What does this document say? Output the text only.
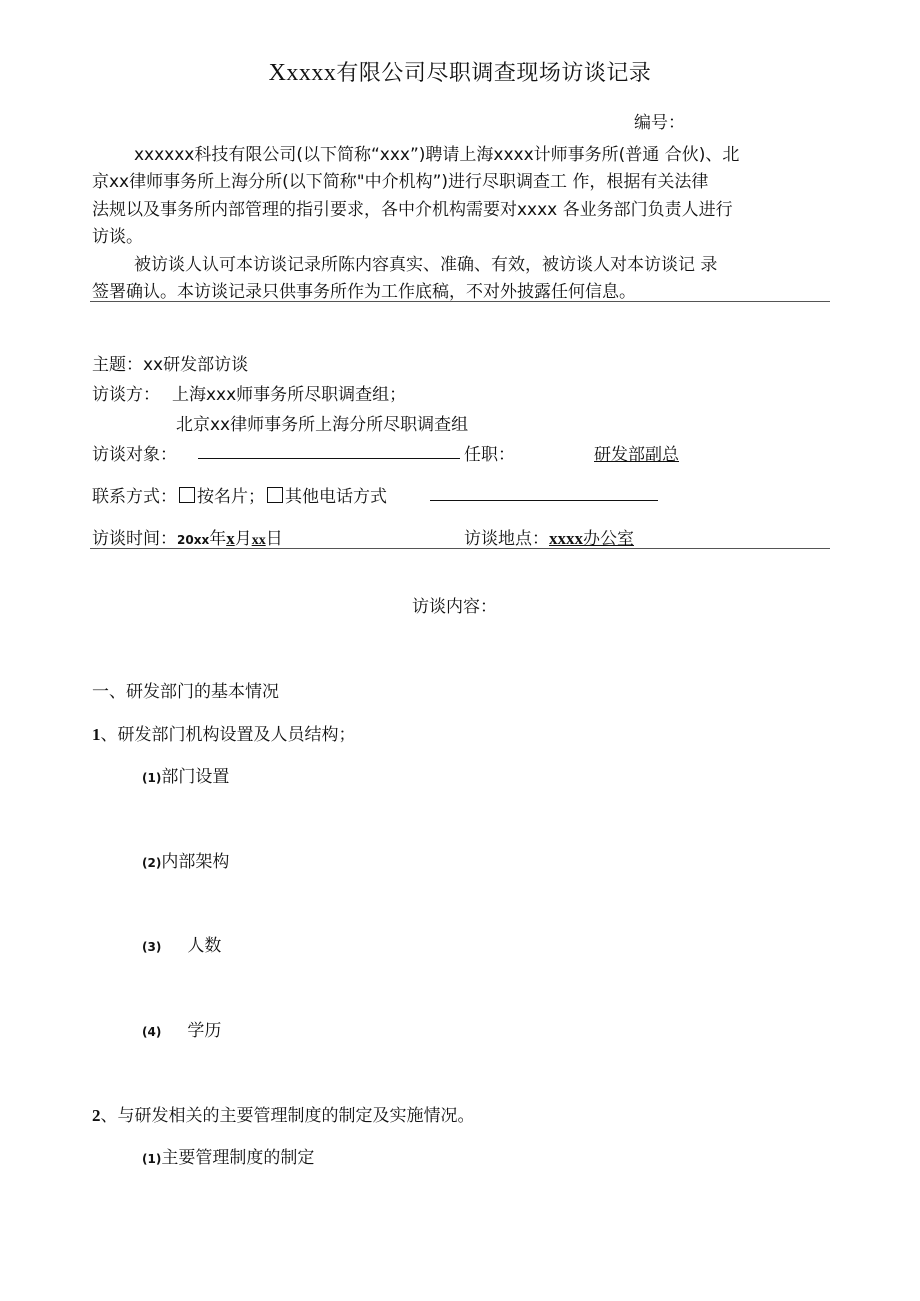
Xxxxx有限公司尽职调查现场访谈记录
编号：
xxxxxx科技有限公司(以下简称“xxx”)聘请上海xxxx计师事务所(普通 合伙)、北
京xx律师事务所上海分所(以下简称"中介机构”)进行尽职调查工 作，根据有关法律
法规以及事务所内部管理的指引要求，各中介机构需要对xxxx 各业务部门负责人进行
访谈。
被访谈人认可本访谈记录所陈内容真实、准确、有效，被访谈人对本访谈记 录
签署确认。本访谈记录只供事务所作为工作底稿，不对外披露任何信息。
主题：xx研发部访谈
访谈方： 上海xxx师事务所尽职调查组；
北京xx律师事务所上海分所尽职调查组
访谈对象：	任职：	研发部副总
联系方式： 按名片； 其他电话方式
访谈时间：20xx年x月xx日	访谈地点：xxxx办公室
访谈内容：
一、研发部门的基本情况
1、研发部门机构设置及人员结构；
(1)部门设置
(2)内部架构
(3) 人数
(4) 学历
2、与研发相关的主要管理制度的制定及实施情况。
(1)主要管理制度的制定
